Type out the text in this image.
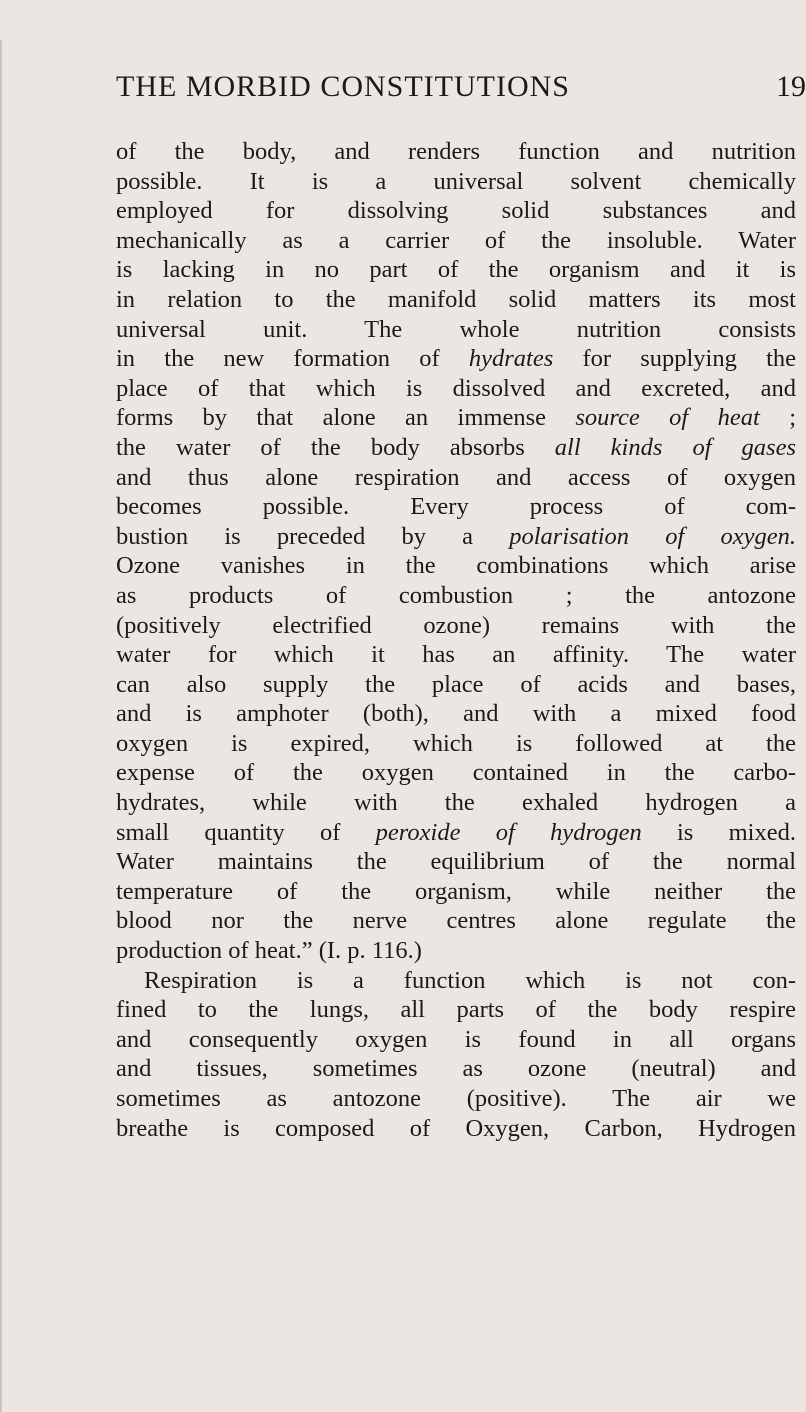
THE MORBID CONSTITUTIONS	19
of the body, and renders function and nutrition
possible. It is a universal solvent chemically
employed for dissolving solid substances and
mechanically as a carrier of the insoluble. Water
is lacking in no part of the organism and it is
in relation to the manifold solid matters its most
universal unit. The whole nutrition consists
in the new formation of hydrates for supplying the
place of that which is dissolved and excreted, and
forms by that alone an immense source of heat ;
the water of the body absorbs all kinds of gases
and thus alone respiration and access of oxygen
becomes possible. Every process of com-
bustion is preceded by a polarisation of oxygen.
Ozone vanishes in the combinations which arise
as products of combustion ; the antozone
(positively electrified ozone) remains with the
water for which it has an affinity. The water
can also supply the place of acids and bases,
and is amphoter (both), and with a mixed food
oxygen is expired, which is followed at the
expense of the oxygen contained in the carbo-
hydrates, while with the exhaled hydrogen a
small quantity of peroxide of hydrogen is mixed.
Water maintains the equilibrium of the normal
temperature of the organism, while neither the
blood nor the nerve centres alone regulate the
production of heat.” (I. p. 116.)
Respiration is a function which is not con-
fined to the lungs, all parts of the body respire
and consequently oxygen is found in all organs
and tissues, sometimes as ozone (neutral) and
sometimes as antozone (positive). The air we
breathe is composed of Oxygen, Carbon, Hydrogen
